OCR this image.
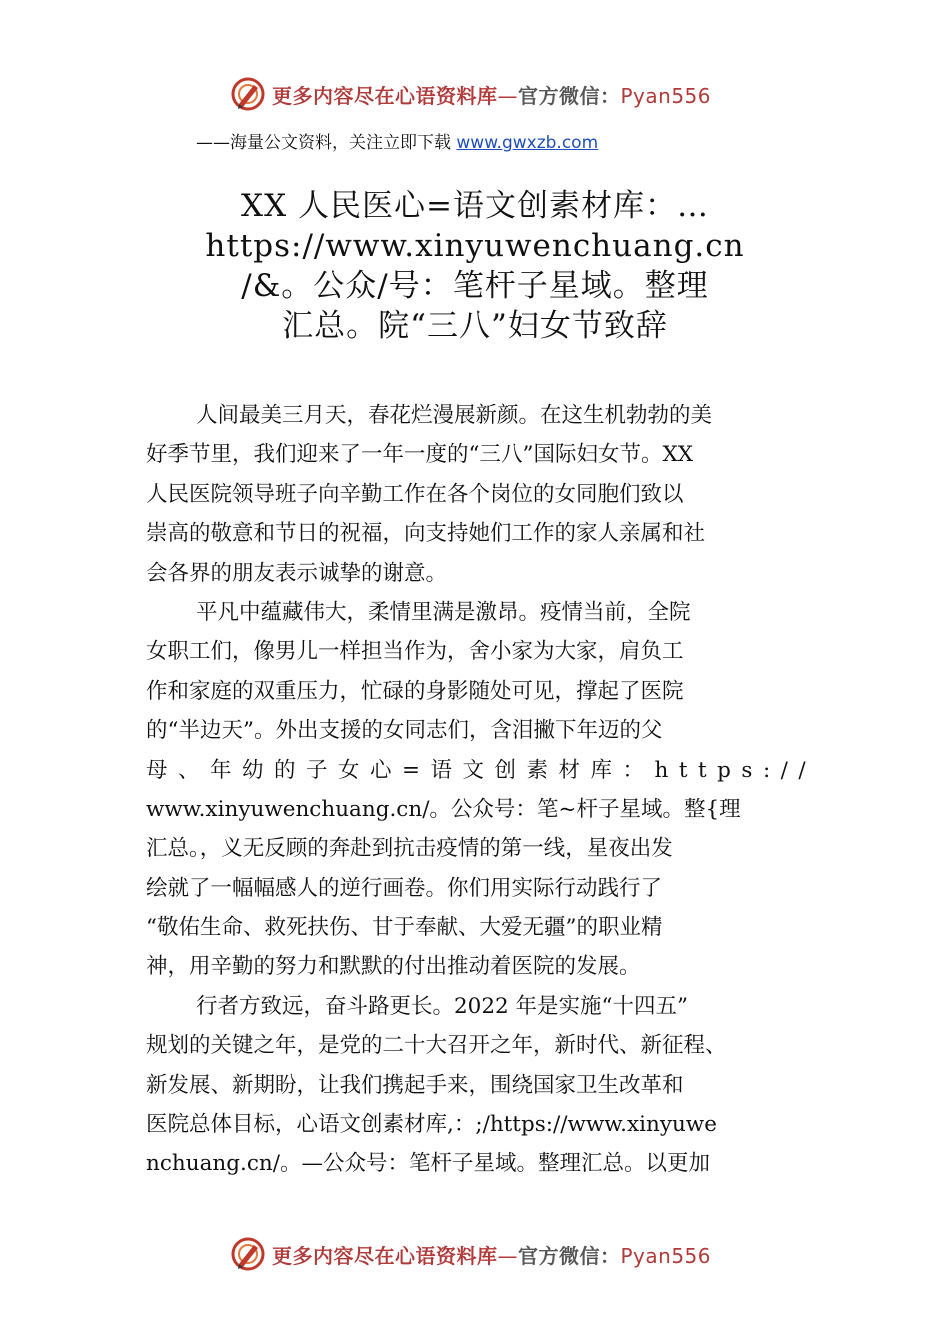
更多内容尽在心语资料库—官方微信：Pyan556
——海量公文资料，关注立即下载 www.gwxzb.com
XX 人民医心=语文创素材库：…
https://www.xinyuwenchuang.cn
/&。公众/号：笔杆子星域。整理
汇总。院“三八”妇女节致辞
人间最美三月天，春花烂漫展新颜。在这生机勃勃的美
好季节里，我们迎来了一年一度的“三八”国际妇女节。XX
人民医院领导班子向辛勤工作在各个岗位的女同胞们致以
崇高的敬意和节日的祝福，向支持她们工作的家人亲属和社
会各界的朋友表示诚挚的谢意。
平凡中蕴藏伟大，柔情里满是激昂。疫情当前，全院
女职工们，像男儿一样担当作为，舍小家为大家，肩负工
作和家庭的双重压力，忙碌的身影随处可见，撑起了医院
的“半边天”。外出支援的女同志们，含泪撇下年迈的父
母、年幼的子女心=语文创素材库：https://
www.xinyuwenchuang.cn/。公众号：笔~杆子星域。整{理
汇总。，义无反顾的奔赴到抗击疫情的第一线，星夜出发
绘就了一幅幅感人的逆行画卷。你们用实际行动践行了
“敬佑生命、救死扶伤、甘于奉献、大爱无疆”的职业精
神，用辛勤的努力和默默的付出推动着医院的发展。
行者方致远，奋斗路更长。2022 年是实施“十四五”
规划的关键之年，是党的二十大召开之年，新时代、新征程、
新发展、新期盼，让我们携起手来，围绕国家卫生改革和
医院总体目标，心语文创素材库,：;/https://www.xinyuwe
nchuang.cn/。—公众号：笔杆子星域。整理汇总。以更加
更多内容尽在心语资料库—官方微信：Pyan556
